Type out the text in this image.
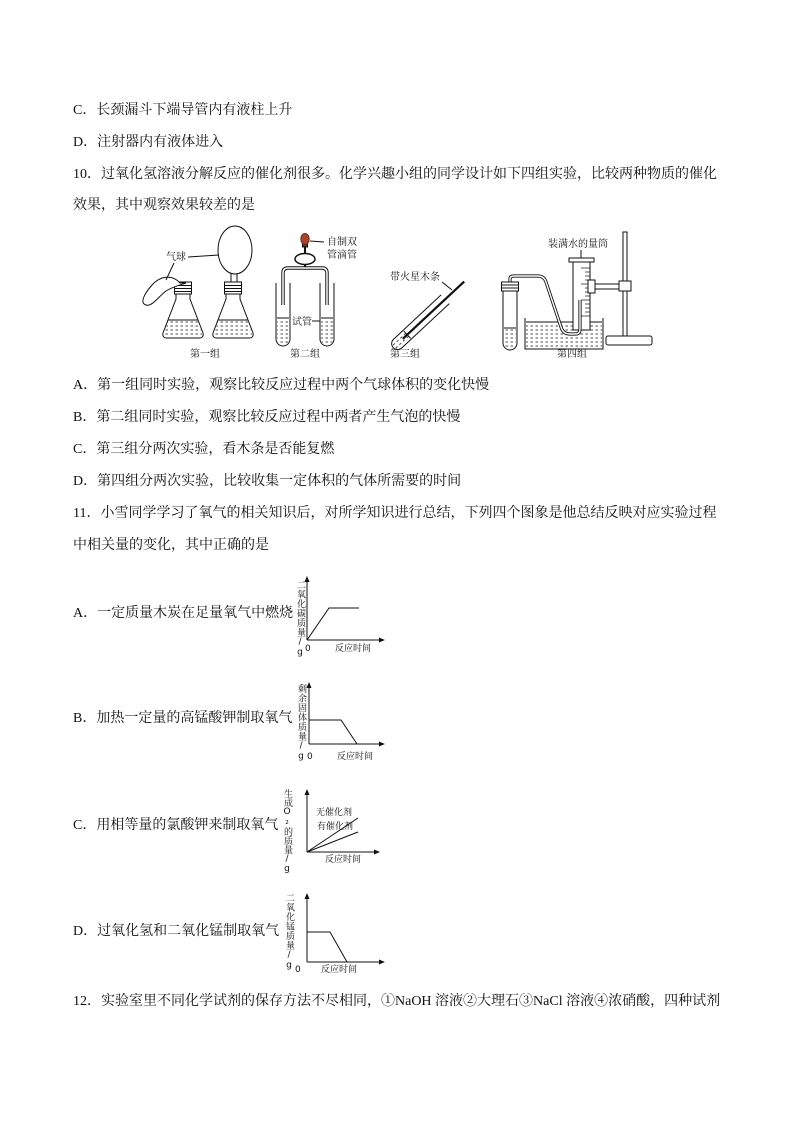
C．长颈漏斗下端导管内有液柱上升

D．注射器内有液体进入

10．过氧化氢溶液分解反应的催化剂很多。化学兴趣小组的同学设计如下四组实验，比较两种物质的催化

效果，其中观察效果较差的是

气球
自制双
管滴管
试管
带火星木条
装满水的量筒
第一组	第二组	第三组	第四组

A．第一组同时实验，观察比较反应过程中两个气球体积的变化快慢

B．第二组同时实验，观察比较反应过程中两者产生气泡的快慢

C．第三组分两次实验，看木条是否能复燃

D．第四组分两次实验，比较收集一定体积的气体所需要的时间

11．小雪同学学习了氧气的相关知识后，对所学知识进行总结，下列四个图象是他总结反映对应实验过程

中相关量的变化，其中正确的是

A．一定质量木炭在足量氧气中燃烧

B．加热一定量的高锰酸钾制取氧气

C．用相等量的氯酸钾来制取氧气

D．过氧化氢和二氧化锰制取氧气

二氧化碳质量/g
剩余固体质量/g
生成O₂的质量/g
二氧化锰质量/g
0	反应时间
0	反应时间
无催化剂
有催化剂
反应时间
0 反应时间

12．实验室里不同化学试剂的保存方法不尽相同，①NaOH 溶液②大理石③NaCl 溶液④浓硝酸，四种试剂
